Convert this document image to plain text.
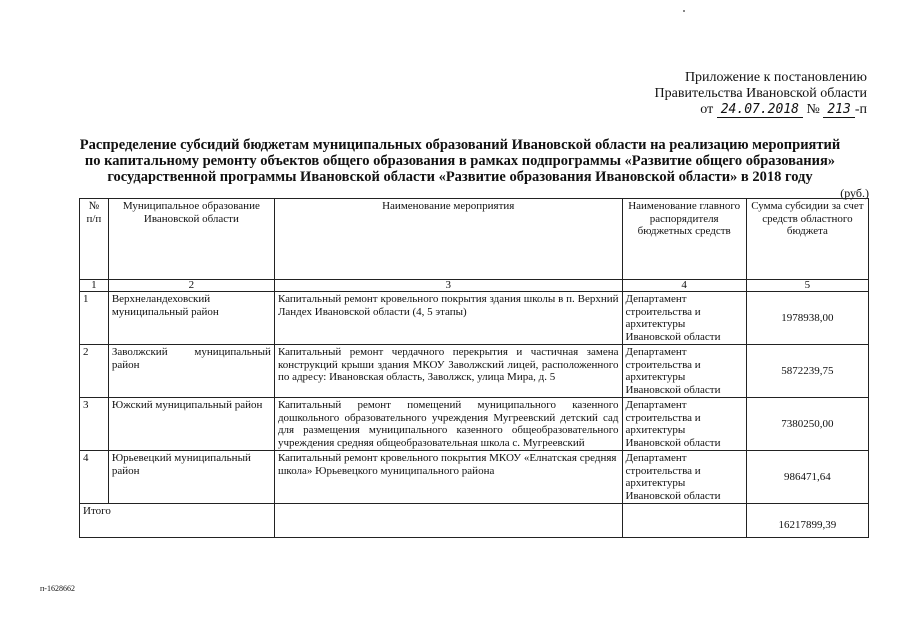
Приложение к постановлению
Правительства Ивановской области
от 24.07.2018 № 213 -п
Распределение субсидий бюджетам муниципальных образований Ивановской области на реализацию мероприятий
по капитальному ремонту объектов общего образования в рамках подпрограммы «Развитие общего образования»
государственной программы Ивановской области «Развитие образования Ивановской области» в 2018 году
(руб.)
№ п/п	Муниципальное образование Ивановской области	Наименование мероприятия	Наименование главного распорядителя бюджетных средств	Сумма субсидии за счет средств областного бюджета
1	2	3	4	5
1	Верхнеландеховский муниципальный район	Капитальный ремонт кровельного покрытия здания школы в п. Верхний Ландех Ивановской области (4, 5 этапы)	Департамент строительства и архитектуры Ивановской области	1978938,00
2	Заволжский муниципальный район	Капитальный ремонт чердачного перекрытия и частичная замена конструкций крыши здания МКОУ Заволжский лицей, расположенного по адресу: Ивановская область, Заволжск, улица Мира, д. 5	Департамент строительства и архитектуры Ивановской области	5872239,75
3	Южский муниципальный район	Капитальный ремонт помещений муниципального казенного дошкольного образовательного учреждения Мугреевский детский сад для размещения муниципального казенного общеобразовательного учреждения средняя общеобразовательная школа с. Мугреевский	Департамент строительства и архитектуры Ивановской области	7380250,00
4	Юрьевецкий муниципальный район	Капитальный ремонт кровельного покрытия МКОУ «Елнатская средняя школа» Юрьевецкого муниципального района	Департамент строительства и архитектуры Ивановской области	986471,64
Итого				16217899,39
п-1628662
